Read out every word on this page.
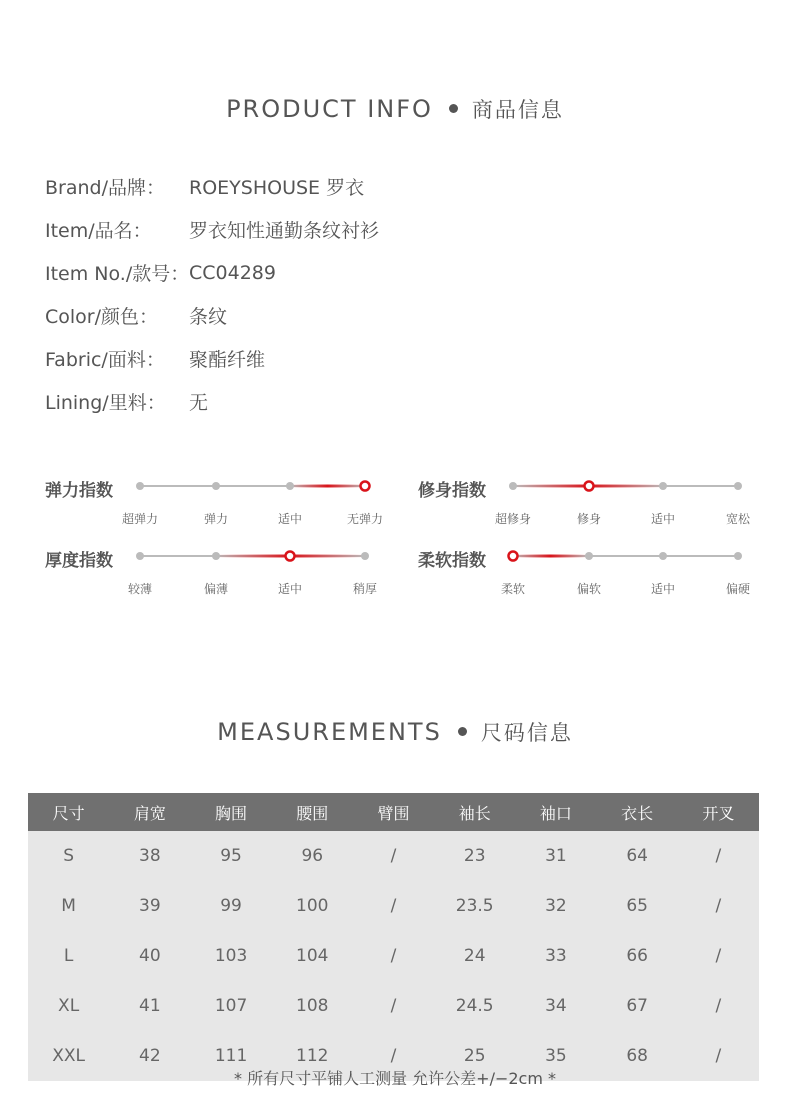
PRODUCT INFO 商品信息
Brand/品牌：	ROEYSHOUSE 罗衣
Item/品名：	罗衣知性通勤条纹衬衫
Item No./款号： CC04289
Color/颜色：	条纹
Fabric/面料：	聚酯纤维
Lining/里料：	无
弹力指数
超弹力	弹力	适中	无弹力
修身指数
超修身	修身	适中	宽松
厚度指数
较薄	偏薄	适中	稍厚
柔软指数
柔软	偏软	适中	偏硬
MEASUREMENTS 尺码信息
尺寸	肩宽	胸围	腰围	臂围	袖长	袖口	衣长	开叉
S	38	95	96	/	23	31	64	/
M	39	99	100	/	23.5	32	65	/
L	40	103	104	/	24	33	66	/
XL	41	107	108	/	24.5	34	67	/
XXL	42	111	112	/	25	35	68	/
* 所有尺寸平铺人工测量 允许公差+/−2cm *
